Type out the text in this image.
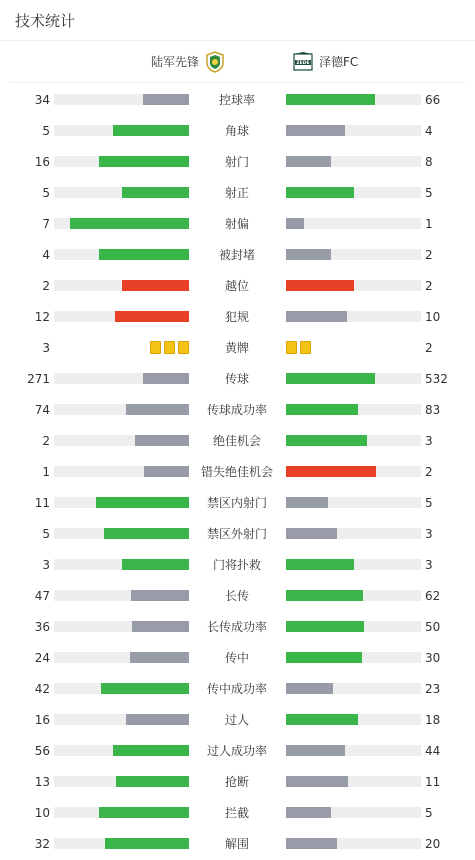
技术统计
陆军先锋	ZEDE 泽德FC
34	控球率	66
5	角球	4
16	射门	8
5	射正	5
7	射偏	1
4	被封堵	2
2	越位	2
12	犯规	10
3	黄牌	2
271	传球	532
74	传球成功率	83
2	绝佳机会	3
1	错失绝佳机会	2
11	禁区内射门	5
5	禁区外射门	3
3	门将扑救	3
47	长传	62
36	长传成功率	50
24	传中	30
42	传中成功率	23
16	过人	18
56	过人成功率	44
13	抢断	11
10	拦截	5
32	解围	20
